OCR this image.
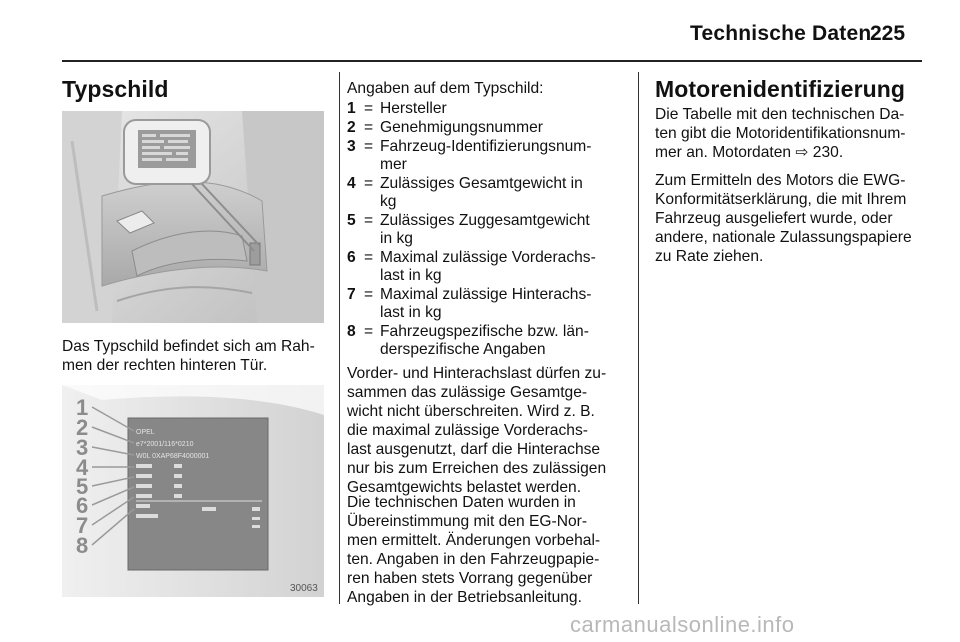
Technische Daten
225
Typschild
Das Typschild befindet sich am Rah-
men der rechten hinteren Tür.
OPEL
e7*2001/116*0210
W0L 0XAP68F4000001
1
2
3
4
5
6
7
8
30063
Angaben auf dem Typschild:
1 = Hersteller
2 = Genehmigungsnummer
3 = Fahrzeug-Identifizierungsnum-mer
4 = Zulässiges Gesamtgewicht in kg
5 = Zulässiges Zuggesamtgewicht in kg
6 = Maximal zulässige Vorderachs-last in kg
7 = Maximal zulässige Hinterachs-last in kg
8 = Fahrzeugspezifische bzw. län-derspezifische Angaben
Vorder- und Hinterachslast dürfen zu-
sammen das zulässige Gesamtge-
wicht nicht überschreiten. Wird z. B.
die maximal zulässige Vorderachs-
last ausgenutzt, darf die Hinterachse
nur bis zum Erreichen des zulässigen
Gesamtgewichts belastet werden.
Die technischen Daten wurden in
Übereinstimmung mit den EG-Nor-
men ermittelt. Änderungen vorbehal-
ten. Angaben in den Fahrzeugpapie-
ren haben stets Vorrang gegenüber
Angaben in der Betriebsanleitung.
Motorenidentifizierung
Die Tabelle mit den technischen Da-
ten gibt die Motoridentifikationsnum-
mer an. Motordaten ⇨ 230.
Zum Ermitteln des Motors die EWG-
Konformitätserklärung, die mit Ihrem
Fahrzeug ausgeliefert wurde, oder
andere, nationale Zulassungspapiere
zu Rate ziehen.
carmanualsonline.info
